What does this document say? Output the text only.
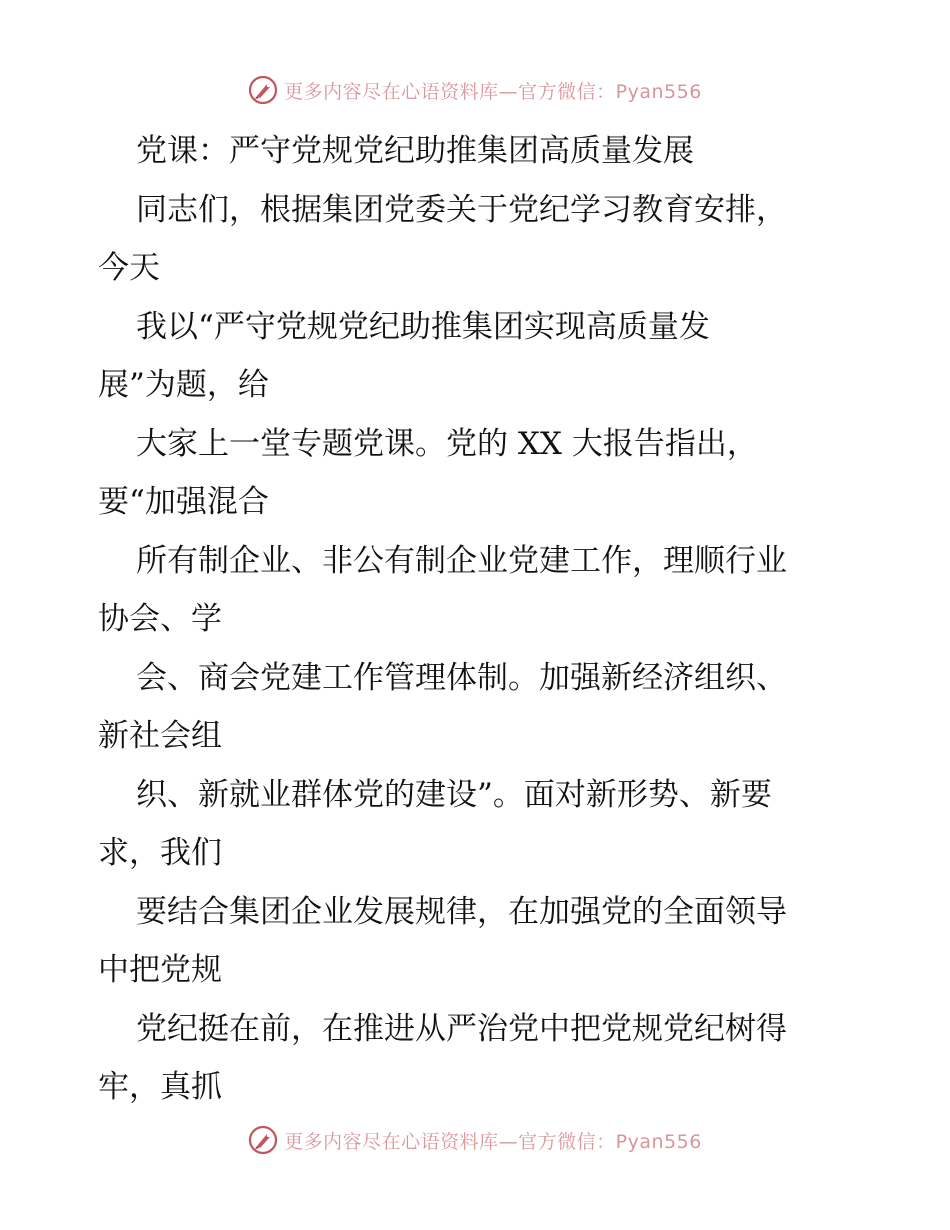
更多内容尽在心语资料库—官方微信：Pyan556
党课：严守党规党纪助推集团高质量发展
同志们，根据集团党委关于党纪学习教育安排，
今天
我以“严守党规党纪助推集团实现高质量发
展”为题，给
大家上一堂专题党课。党的 XX 大报告指出，
要“加强混合
所有制企业、非公有制企业党建工作，理顺行业
协会、学
会、商会党建工作管理体制。加强新经济组织、
新社会组
织、新就业群体党的建设”。面对新形势、新要
求，我们
要结合集团企业发展规律，在加强党的全面领导
中把党规
党纪挺在前，在推进从严治党中把党规党纪树得
牢，真抓
更多内容尽在心语资料库—官方微信：Pyan556
